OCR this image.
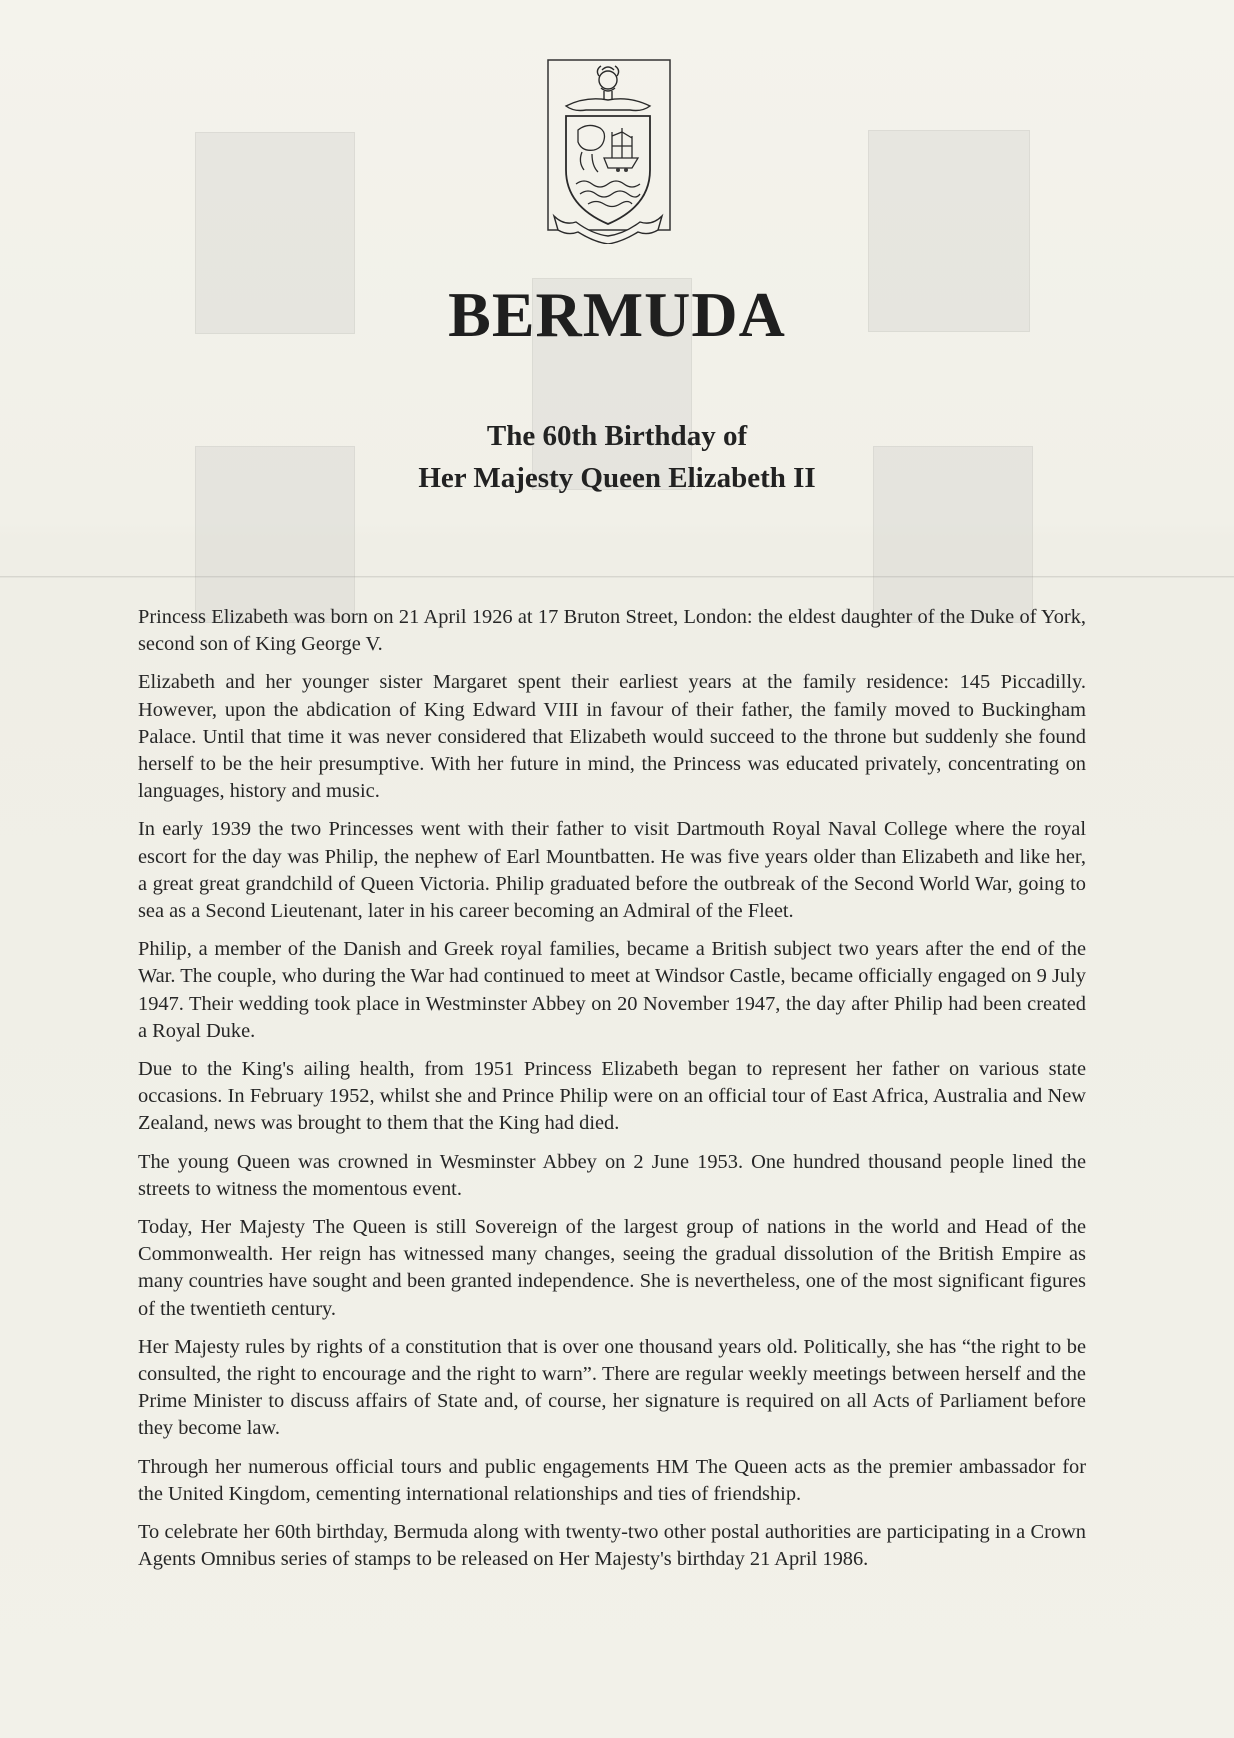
BERMUDA
The 60th Birthday of
Her Majesty Queen Elizabeth II

Princess Elizabeth was born on 21 April 1926 at 17 Bruton Street, London: the eldest daughter of the Duke of York, second son of King George V.

Elizabeth and her younger sister Margaret spent their earliest years at the family residence: 145 Piccadilly. However, upon the abdication of King Edward VIII in favour of their father, the family moved to Buckingham Palace. Until that time it was never considered that Elizabeth would succeed to the throne but suddenly she found herself to be the heir presumptive. With her future in mind, the Princess was educated privately, concentrating on languages, history and music.

In early 1939 the two Princesses went with their father to visit Dartmouth Royal Naval College where the royal escort for the day was Philip, the nephew of Earl Mountbatten. He was five years older than Elizabeth and like her, a great great grandchild of Queen Victoria. Philip graduated before the outbreak of the Second World War, going to sea as a Second Lieutenant, later in his career becoming an Admiral of the Fleet.

Philip, a member of the Danish and Greek royal families, became a British subject two years after the end of the War. The couple, who during the War had continued to meet at Windsor Castle, became officially engaged on 9 July 1947. Their wedding took place in Westminster Abbey on 20 November 1947, the day after Philip had been created a Royal Duke.

Due to the King's ailing health, from 1951 Princess Elizabeth began to represent her father on various state occasions. In February 1952, whilst she and Prince Philip were on an official tour of East Africa, Australia and New Zealand, news was brought to them that the King had died.

The young Queen was crowned in Wesminster Abbey on 2 June 1953. One hundred thousand people lined the streets to witness the momentous event.

Today, Her Majesty The Queen is still Sovereign of the largest group of nations in the world and Head of the Commonwealth. Her reign has witnessed many changes, seeing the gradual dissolution of the British Empire as many countries have sought and been granted independence. She is nevertheless, one of the most significant figures of the twentieth century.

Her Majesty rules by rights of a constitution that is over one thousand years old. Politically, she has “the right to be consulted, the right to encourage and the right to warn”. There are regular weekly meetings between herself and the Prime Minister to discuss affairs of State and, of course, her signature is required on all Acts of Parliament before they become law.

Through her numerous official tours and public engagements HM The Queen acts as the premier ambassador for the United Kingdom, cementing international relationships and ties of friendship.

To celebrate her 60th birthday, Bermuda along with twenty-two other postal authorities are participating in a Crown Agents Omnibus series of stamps to be released on Her Majesty's birthday 21 April 1986.
